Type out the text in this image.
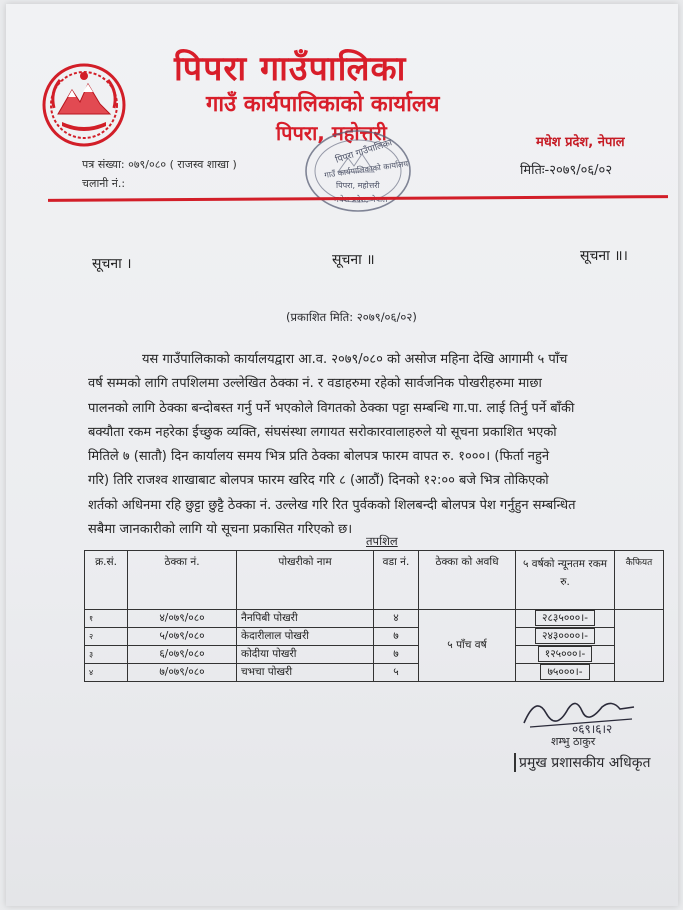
पिपरा गाउँपालिका
गाउँ कार्यपालिकाको कार्यालय
पिपरा, महोत्तरी	मधेश प्रदेश, नेपाल
पत्र संख्या: ०७९/०८० ( राजस्व शाखा )
चलानी नं.:
मितिः-२०७९/०६/०२
पिपरा गाउँपालिका
गाउँ कार्यपालिकाको कार्यालय
पिपरा, महोत्तरी
सूचना ।	सूचना ॥	सूचना ॥।
(प्रकाशित मिति: २०७९/०६/०२)
यस गाउँपालिकाको कार्यालयद्वारा आ.व. २०७९/०८० को असोज महिना देखि आगामी ५ पाँच
वर्ष सम्मको लागि तपशिलमा उल्लेखित ठेक्का नं. र वडाहरुमा रहेको सार्वजनिक पोखरीहरुमा माछा
पालनको लागि ठेक्का बन्दोबस्त गर्नु पर्ने भएकोले विगतको ठेक्का पट्टा सम्बन्धि गा.पा. लाई तिर्नु पर्ने बाँकी
बक्यौता रकम नहरेका ईच्छुक व्यक्ति, संघसंस्था लगायत सरोकारवालाहरुले यो सूचना प्रकाशित भएको
मितिले ७ (सातौ) दिन कार्यालय समय भित्र प्रति ठेक्का बोलपत्र फारम वापत रु. १०००। (फिर्ता नहुने
गरि) तिरि राजश्व शाखाबाट बोलपत्र फारम खरिद गरि ८ (आठौं) दिनको १२:०० बजे भित्र तोकिएको
शर्तको अधिनमा रहि छुट्टा छुट्टै ठेक्का नं. उल्लेख गरि रित पुर्वकको शिलबन्दी बोलपत्र पेश गर्नुहुन सम्बन्धित
सबैमा जानकारीको लागि यो सूचना प्रकासित गरिएको छ।
तपशिल
क्र.सं.	ठेक्का नं.	पोखरीको नाम	वडा नं.	ठेक्का को अवधि	५ वर्षको न्यूनतम रकम रु.	कैफियत
१	४/०७९/०८०	नैनपिबी पोखरी	४	५ पाँच वर्ष	२८३५०००।-	
२	५/०७९/०८०	केदारीलाल पोखरी	७		२४३००००।-	
३	६/०७९/०८०	कोदीया पोखरी	७		१२५०००।-	
४	७/०७९/०८०	चभचा पोखरी	५		७५०००।-	
०६९।६।२
शम्भु ठाकुर
प्रमुख प्रशासकीय अधिकृत
